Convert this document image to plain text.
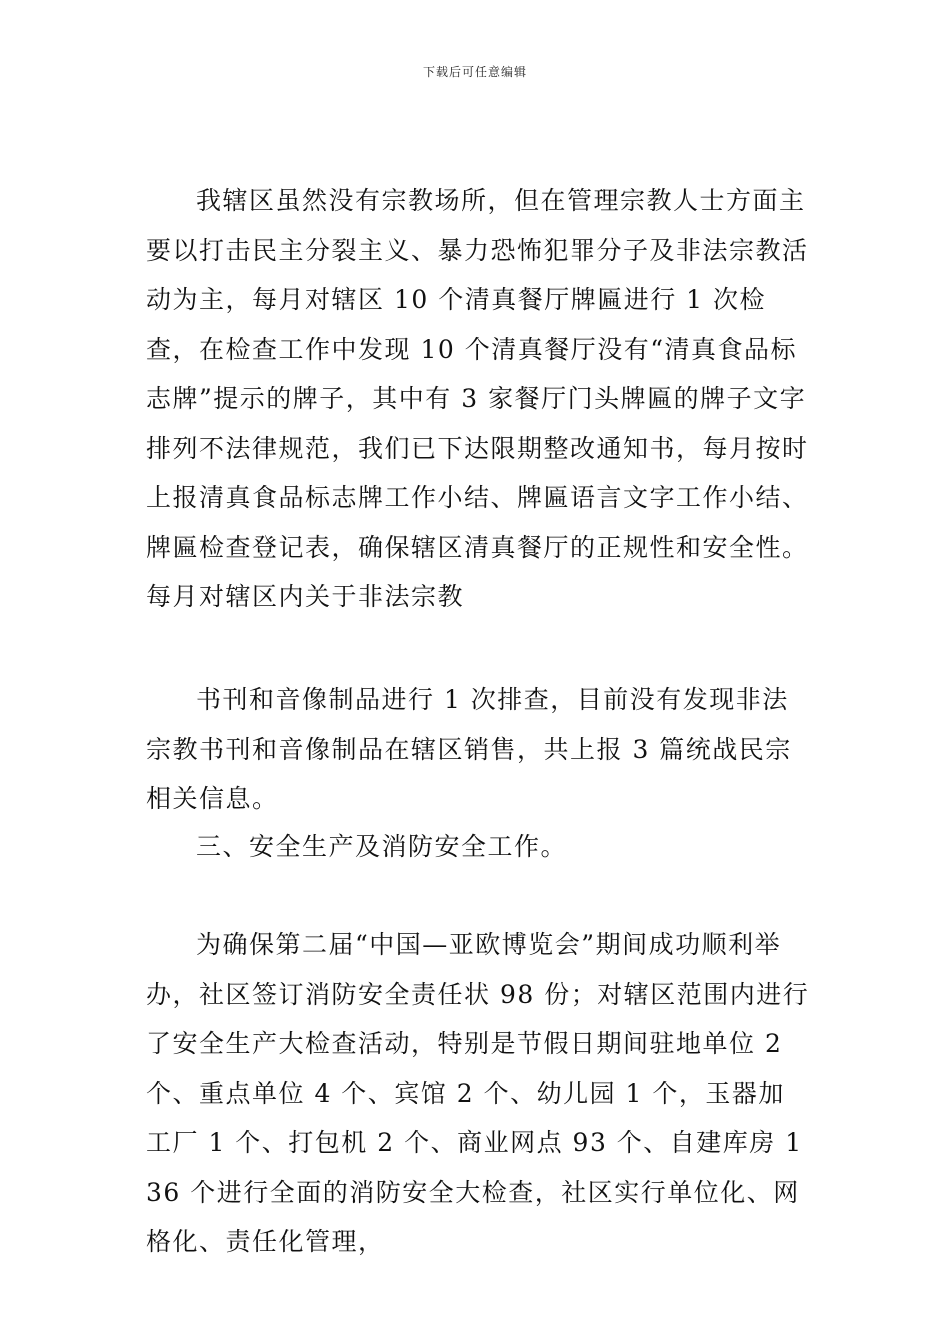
下载后可任意编辑

我辖区虽然没有宗教场所，但在管理宗教人士方面主要以打击民主分裂主义、暴力恐怖犯罪分子及非法宗教活动为主，每月对辖区 10 个清真餐厅牌匾进行 1 次检查，在检查工作中发现 10 个清真餐厅没有“清真食品标志牌”提示的牌子，其中有 3 家餐厅门头牌匾的牌子文字排列不法律规范，我们已下达限期整改通知书，每月按时上报清真食品标志牌工作小结、牌匾语言文字工作小结、牌匾检查登记表，确保辖区清真餐厅的正规性和安全性。每月对辖区内关于非法宗教

书刊和音像制品进行 1 次排查，目前没有发现非法宗教书刊和音像制品在辖区销售，共上报 3 篇统战民宗相关信息。

三、安全生产及消防安全工作。

为确保第二届“中国—亚欧博览会”期间成功顺利举办，社区签订消防安全责任状 98 份；对辖区范围内进行了安全生产大检查活动，特别是节假日期间驻地单位 2 个、重点单位 4 个、宾馆 2 个、幼儿园 1 个，玉器加工厂 1 个、打包机 2 个、商业网点 93 个、自建库房 136 个进行全面的消防安全大检查，社区实行单位化、网格化、责任化管理，
